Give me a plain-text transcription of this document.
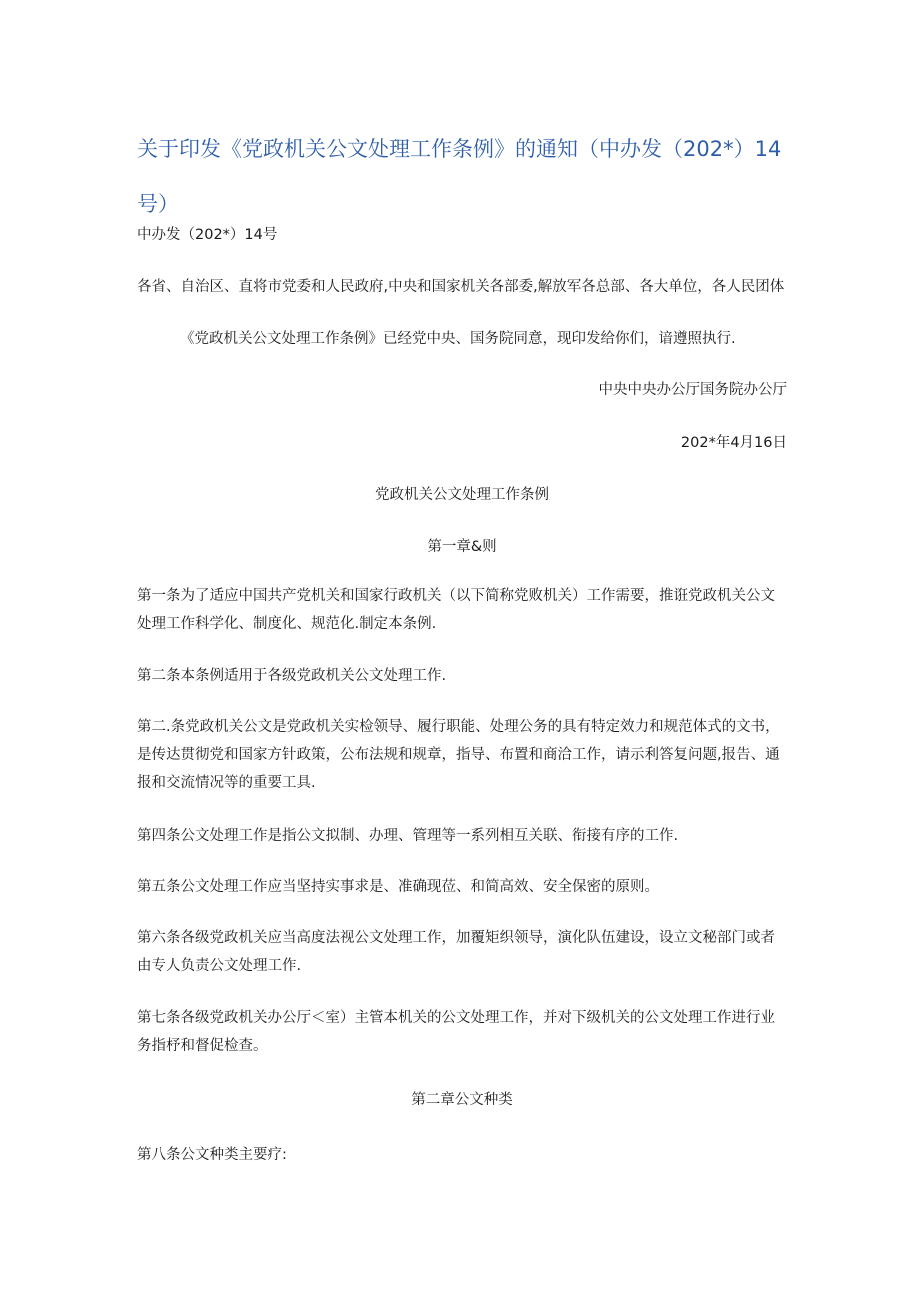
关于印发《党政机关公文处理工作条例》的通知（中办发（202*）14号）

中办发（202*）14号

各省、自治区、直将市党委和人民政府,中央和国家机关各部委,解放军各总部、各大单位，各人民团体

《党政机关公文处理工作条例》已经党中央、国务院同意，现印发给你们，谙遵照执行.

中央中央办公厅国务院办公厅

202*年4月16日

党政机关公文处理工作条例

第一章&则

第一条为了适应中国共产党机关和国家行政机关（以下简称党败机关）工作需要，推诳党政机关公文处理工作科学化、制度化、规范化.制定本条例.

第二条本条例适用于各级党政机关公文处理工作.

第二.条党政机关公文是党政机关实检领导、履行职能、处理公务的具有特定效力和规范体式的文书，是传达贯彻党和国家方针政策，公布法规和规章，指导、布置和商洽工作，请示利答复问题,报告、通报和交流情况等的重要工具.

第四条公文处理工作是指公文拟制、办理、管理等一系列相互关联、衔接有序的工作.

第五条公文处理工作应当坚持实事求是、准确现莅、和简高效、安全保密的原则。

第六条各级党政机关应当高度法视公文处理工作，加覆矩织领导，演化队伍建设，设立文秘部门或者由专人负责公文处理工作.

第七条各级党政机关办公厅＜室）主管本机关的公文处理工作，并对下级机关的公文处理工作进行业务指杼和督促检查。

第二章公文种类

第八条公文种类主要疗:
